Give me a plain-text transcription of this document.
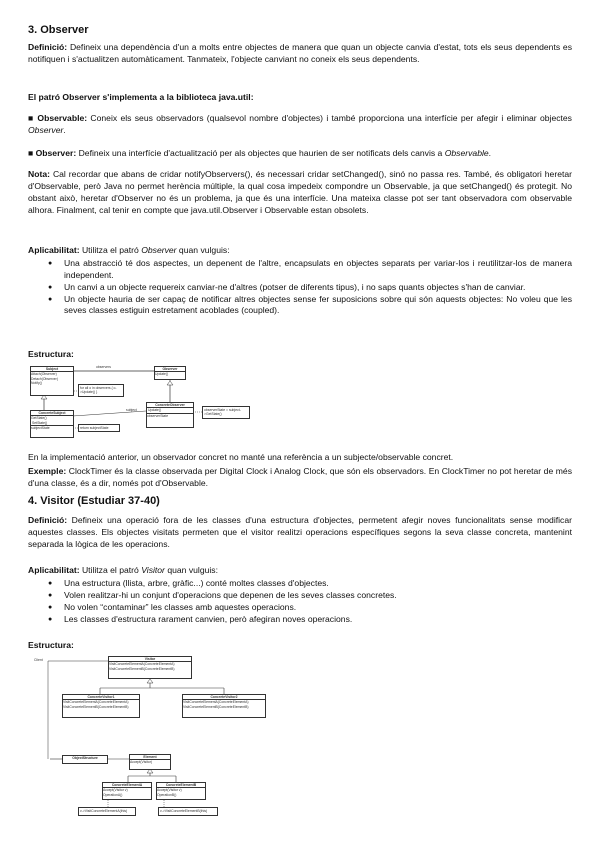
3. Observer
Definició: Defineix una dependència d'un a molts entre objectes de manera que quan un objecte canvia d'estat, tots els seus dependents es notifiquen i s'actualitzen automàticament. Tanmateix, l'objecte canviant no coneix els seus dependents.
El patró Observer s'implementa a la biblioteca java.util:
■ Observable: Coneix els seus observadors (qualsevol nombre d'objectes) i també proporciona una interfície per afegir i eliminar objectes Observer.
■ Observer: Defineix una interfície d'actualització per als objectes que haurien de ser notificats dels canvis a Observable.
Nota: Cal recordar que abans de cridar notifyObservers(), és necessari cridar setChanged(), sinó no passa res. També, és obligatori heretar d'Observable, però Java no permet herència múltiple, la qual cosa impedeix compondre un Observable, ja que setChanged() és protegit. No obstant això, heretar d'Observer no és un problema, ja que és una interfície. Una mateixa classe pot ser tant observadora com observable alhora. Finalment, cal tenir en compte que java.util.Observer i Observable estan obsolets.
Aplicabilitat: Utilitza el patró Observer quan vulguis:
● Una abstracció té dos aspectes, un depenent de l'altre, encapsulats en objectes separats per variar-los i reutilitzar-los de manera independent.
● Un canvi a un objecte requereix canviar-ne d'altres (potser de diferents tipus), i no saps quants objectes s'han de canviar.
● Un objecte hauria de ser capaç de notificar altres objectes sense fer suposicions sobre qui són aquests objectes: No voleu que les seves classes estiguin estretament acoblades (coupled).
Estructura:
Subject
Attach(Observer)
Detach(Observer)
Notify()
observers
for all o in observers { o->Update() }
Observer
Update()
ConcreteSubject
GetState()
SetState()
subjectState	return subjectState
subject
ConcreteObserver
Update()
observerState
observerState = subject->GetState()
En la implementació anterior, un observador concret no manté una referència a un subjecte/observable concret.
Exemple: ClockTimer és la classe observada per Digital Clock i Analog Clock, que són els observadors. En ClockTimer no pot heretar de més d'una classe, és a dir, només pot d'Observable.
4. Visitor (Estudiar 37-40)
Definició: Defineix una operació fora de les classes d'una estructura d'objectes, permetent afegir noves funcionalitats sense modificar aquestes classes. Els objectes visitats permeten que el visitor realitzi operacions específiques segons la seva classe concreta, mantenint separada la lògica de les operacions.
Aplicabilitat: Utilitza el patró Visitor quan vulguis:
● Una estructura (llista, arbre, gràfic...) conté moltes classes d'objectes.
● Volen realitzar-hi un conjunt d'operacions que depenen de les seves classes concretes.
● No volen “contaminar” les classes amb aquestes operacions.
● Les classes d'estructura rarament canvien, però afegiran noves operacions.
Estructura:
Client	Visitor
VisitConcreteElementA(ConcreteElementA)
VisitConcreteElementB(ConcreteElementB)
ConcreteVisitor1
VisitConcreteElementA(ConcreteElementA)
VisitConcreteElementB(ConcreteElementB)
ConcreteVisitor2
VisitConcreteElementA(ConcreteElementA)
VisitConcreteElementB(ConcreteElementB)
ObjectStructure	Element
Accept(Visitor)
ConcreteElementA
Accept(Visitor v)
OperationA()
ConcreteElementB
Accept(Visitor v)
OperationB()
v->VisitConcreteElementA(this)	v->VisitConcreteElementB(this)
